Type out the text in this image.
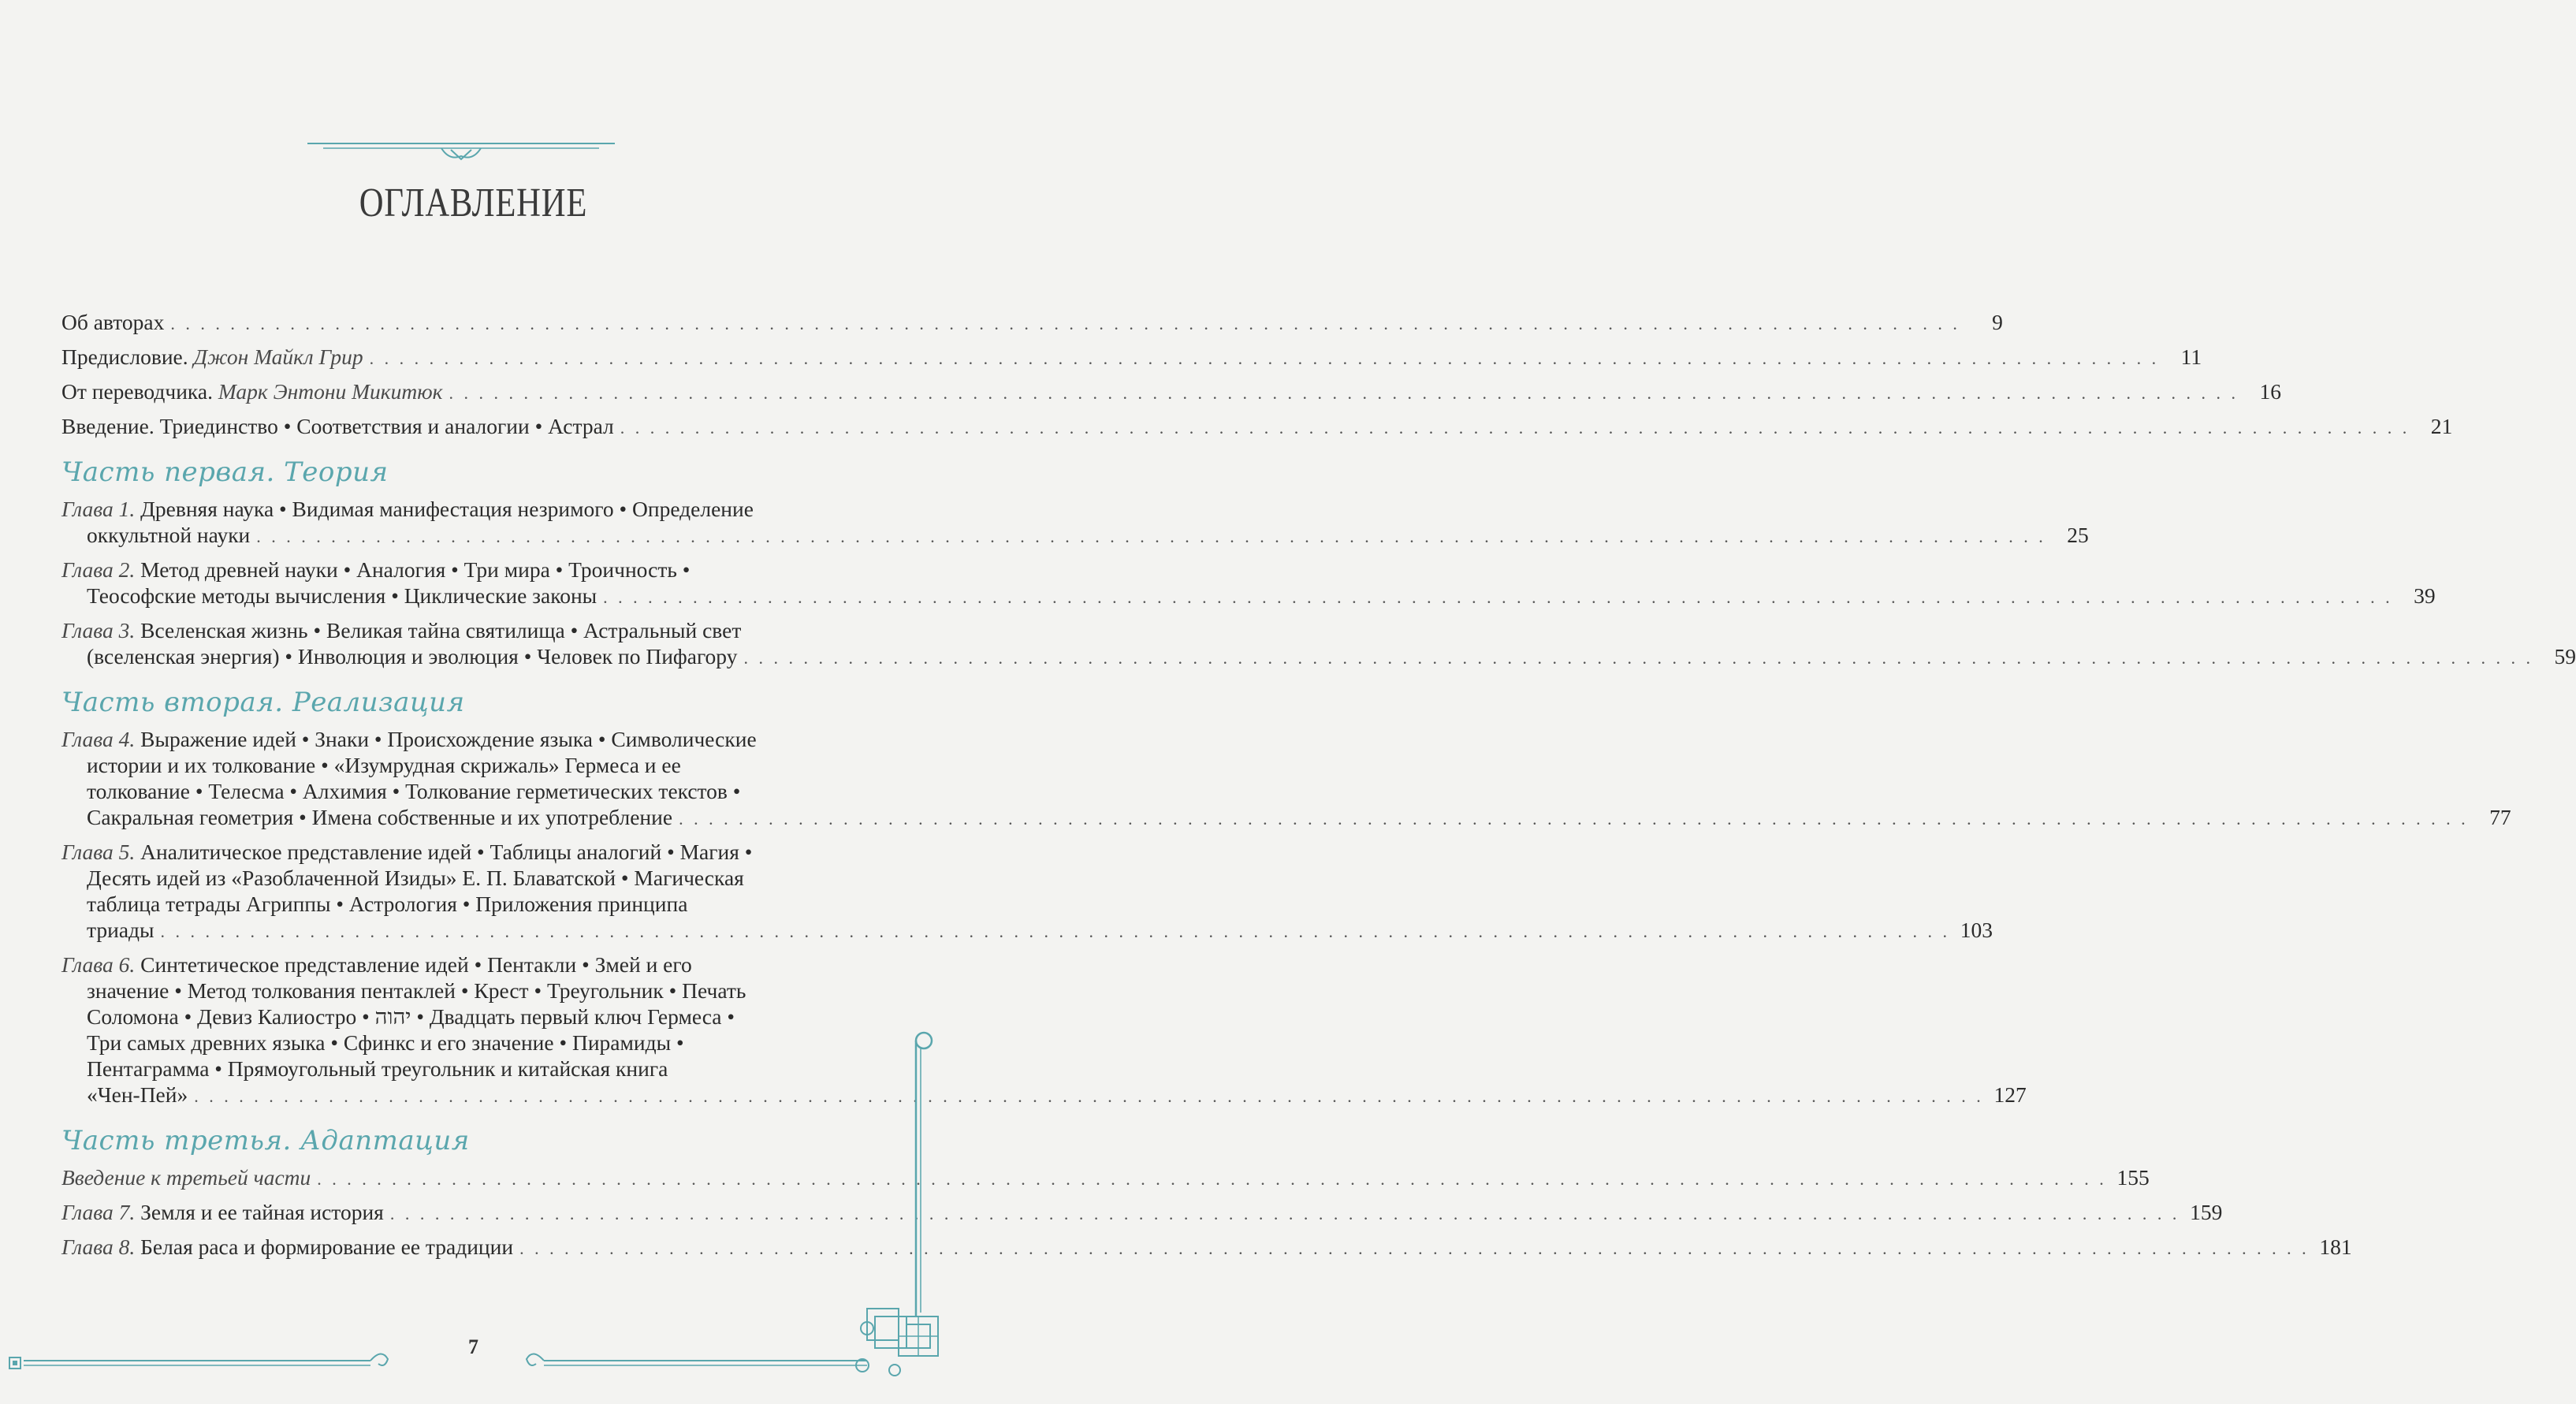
ОГЛАВЛЕНИЕ
Об авторах . . . . . . . . . . . . . . . . . . . . . . . . . . . . . . . . . . . . . . . . . . . . . . . . . . . . . . . . . . . . . . . . . . . . . . . . . . . . . . . . . . . . . . . . . . . . . . . . . . . . . . . . . . . . . . . . . . . . . . . .	9
Предисловие. Джон Майкл Грир . . . . . . . . . . . . . . . . . . . . . . . . . . . . . . . . . . . . . . . . . . . . . . . . . . . . . . . . . . . . . . . . . . . . . . . . . . . . . . . . . . . . . . . . . . . . . . . . . . . . . . . . . . . . . . . . . . . . . . . .	11
От переводчика. Марк Энтони Микитюк . . . . . . . . . . . . . . . . . . . . . . . . . . . . . . . . . . . . . . . . . . . . . . . . . . . . . . . . . . . . . . . . . . . . . . . . . . . . . . . . . . . . . . . . . . . . . . . . . . . . . . . . . . . . . . . . . . . . . . . . 16
Введение. Триединство • Соответствия и аналогии • Астрал . . . . . . . . . . . . . . . . . . . . . . . . . . . . . . . . . . . . . . . . . . . . . . . . . . . . . . . . . . . . . . . . . . . . . . . . . . . . . . . . . . . . . . . . . . . . . . . . . . . . . . . . . . . . . . . . . . . . . . . . 21
Часть первая. Теория
Глава 1. Древняя наука • Видимая манифестация незримого • Определение
оккультной науки . . . . . . . . . . . . . . . . . . . . . . . . . . . . . . . . . . . . . . . . . . . . . . . . . . . . . . . . . . . . . . . . . . . . . . . . . . . . . . . . . . . . . . . . . . . . . . . . . . . . . . . . . . . . . . . . . . . . . . . . 25
Глава 2. Метод древней науки • Аналогия • Три мира • Троичность •
Теософские методы вычисления • Циклические законы . . . . . . . . . . . . . . . . . . . . . . . . . . . . . . . . . . . . . . . . . . . . . . . . . . . . . . . . . . . . . . . . . . . . . . . . . . . . . . . . . . . . . . . . . . . . . . . . . . . . . . . . . . . . . . . . . . . . . . . . 39
Глава 3. Вселенская жизнь • Великая тайна святилища • Астральный свет
(вселенская энергия) • Инволюция и эволюция • Человек по Пифагору . . . . . . . . . . . . . . . . . . . . . . . . . . . . . . . . . . . . . . . . . . . . . . . . . . . . . . . . . . . . . . . . . . . . . . . . . . . . . . . . . . . . . . . . . . . . . . . . . . . . . . . . . . . . . . . . . . . . . . . . 59
Часть вторая. Реализация
Глава 4. Выражение идей • Знаки • Происхождение языка • Символические
истории и их толкование • «Изумрудная скрижаль» Гермеса и ее
толкование • Телесма • Алхимия • Толкование герметических текстов •
Сакральная геометрия • Имена собственные и их употребление . . . . . . . . . . . . . . . . . . . . . . . . . . . . . . . . . . . . . . . . . . . . . . . . . . . . . . . . . . . . . . . . . . . . . . . . . . . . . . . . . . . . . . . . . . . . . . . . . . . . . . . . . . . . . . . . . . . . . . . . 77
Глава 5. Аналитическое представление идей • Таблицы аналогий • Магия •
Десять идей из «Разоблаченной Изиды» Е. П. Блаватской • Магическая
таблица тетрады Агриппы • Астрология • Приложения принципа
триады . . . . . . . . . . . . . . . . . . . . . . . . . . . . . . . . . . . . . . . . . . . . . . . . . . . . . . . . . . . . . . . . . . . . . . . . . . . . . . . . . . . . . . . . . . . . . . . . . . . . . . . . . . . . . . . . . . . . . . . . 103
Глава 6. Синтетическое представление идей • Пентакли • Змей и его
значение • Метод толкования пентаклей • Крест • Треугольник • Печать
Соломона • Девиз Калиостро • יהוה • Двадцать первый ключ Гермеса •
Три самых древних языка • Сфинкс и его значение • Пирамиды •
Пентаграмма • Прямоугольный треугольник и китайская книга
«Чен-Пей» . . . . . . . . . . . . . . . . . . . . . . . . . . . . . . . . . . . . . . . . . . . . . . . . . . . . . . . . . . . . . . . . . . . . . . . . . . . . . . . . . . . . . . . . . . . . . . . . . . . . . . . . . . . . . . . . . . . . . . . . 127
Часть третья. Адаптация
Введение к третьей части . . . . . . . . . . . . . . . . . . . . . . . . . . . . . . . . . . . . . . . . . . . . . . . . . . . . . . . . . . . . . . . . . . . . . . . . . . . . . . . . . . . . . . . . . . . . . . . . . . . . . . . . . . . . . . . . . . . . . . . . 155
Глава 7. Земля и ее тайная история . . . . . . . . . . . . . . . . . . . . . . . . . . . . . . . . . . . . . . . . . . . . . . . . . . . . . . . . . . . . . . . . . . . . . . . . . . . . . . . . . . . . . . . . . . . . . . . . . . . . . . . . . . . . . . . . . . . . . . . . 159
Глава 8. Белая раса и формирование ее традиции . . . . . . . . . . . . . . . . . . . . . . . . . . . . . . . . . . . . . . . . . . . . . . . . . . . . . . . . . . . . . . . . . . . . . . . . . . . . . . . . . . . . . . . . . . . . . . . . . . . . . . . . . . . . . . . . . . . . . . . . 181
7
